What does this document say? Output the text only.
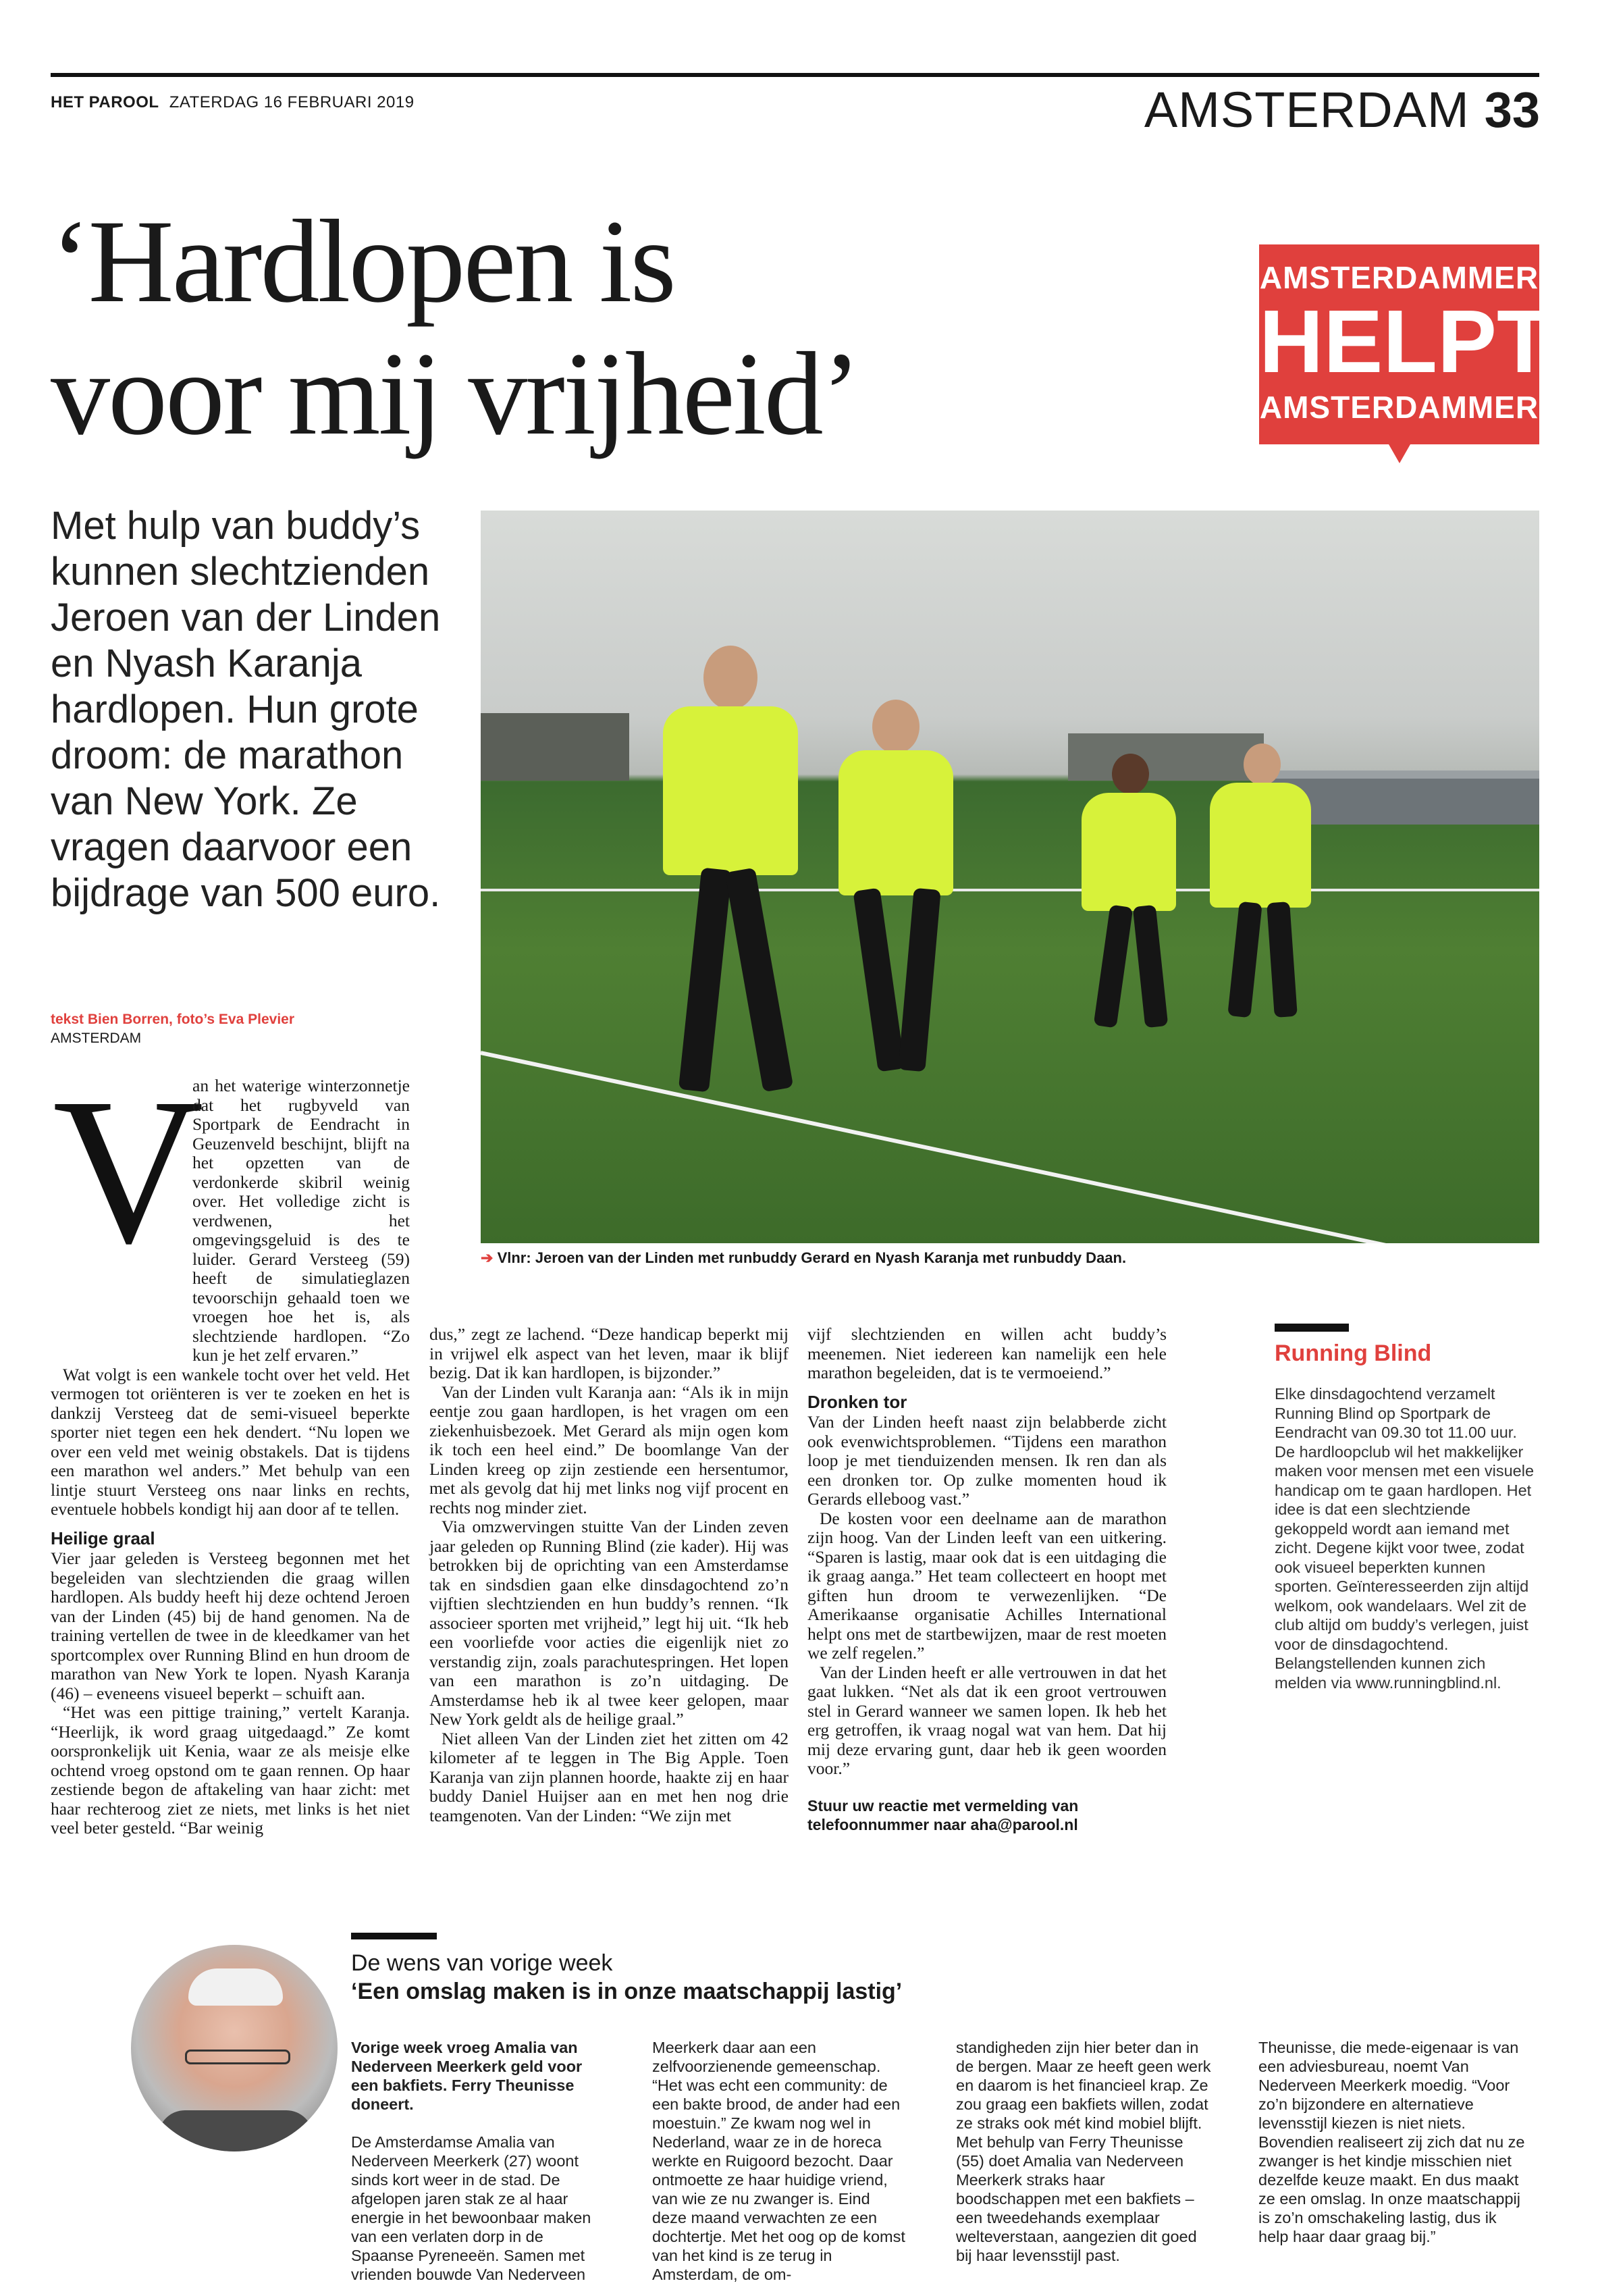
HET PAROOL ZATERDAG 16 FEBRUARI 2019	AMSTERDAM 33
‘Hardlopen is
voor mij vrijheid’
AMSTERDAMMER
HELPT
AMSTERDAMMER
Met hulp van buddy’s kunnen slechtzienden Jeroen van der Linden en Nyash Karanja hardlopen. Hun grote droom: de marathon van New York. Ze vragen daarvoor een bijdrage van 500 euro.
➔ Vlnr: Jeroen van der Linden met runbuddy Gerard en Nyash Karanja met runbuddy Daan.
tekst Bien Borren, foto’s Eva Plevier
AMSTERDAM
V

an het waterige winterzonnetje dat het rugbyveld van Sportpark de Eendracht in Geuzenveld beschijnt, blijft na het opzetten van de verdonkerde skibril weinig over. Het volledige zicht is verdwenen, het omgevingsgeluid is des te luider. Gerard Versteeg (59) heeft de simulatieglazen tevoorschijn gehaald toen we vroegen hoe het is, als slechtziende hardlopen. “Zo kun je het zelf ervaren.”

Wat volgt is een wankele tocht over het veld. Het vermogen tot oriënteren is ver te zoeken en het is dankzij Versteeg dat de semi-visueel beperkte sporter niet tegen een hek dendert. “Nu lopen we over een veld met weinig obstakels. Dat is tijdens een marathon wel anders.” Met behulp van een lintje stuurt Versteeg ons naar links en rechts, eventuele hobbels kondigt hij aan door af te tellen.

Heilige graal

Vier jaar geleden is Versteeg begonnen met het begeleiden van slechtzienden die graag willen hardlopen. Als buddy heeft hij deze ochtend Jeroen van der Linden (45) bij de hand genomen. Na de training vertellen de twee in de kleedkamer van het sportcomplex over Running Blind en hun droom de marathon van New York te lopen. Nyash Karanja (46) – eveneens visueel beperkt – schuift aan.

“Het was een pittige training,” vertelt Karanja. “Heerlijk, ik word graag uitgedaagd.” Ze komt oorspronkelijk uit Kenia, waar ze als meisje elke ochtend vroeg opstond om te gaan rennen. Op haar zestiende begon de aftakeling van haar zicht: met haar rechteroog ziet ze niets, met links is het niet veel beter gesteld. “Bar weinig

dus,” zegt ze lachend. “Deze handicap beperkt mij in vrijwel elk aspect van het leven, maar ik blijf bezig. Dat ik kan hardlopen, is bijzonder.”

Van der Linden vult Karanja aan: “Als ik in mijn eentje zou gaan hardlopen, is het vragen om een ziekenhuisbezoek. Met Gerard als mijn ogen kom ik toch een heel eind.” De boomlange Van der Linden kreeg op zijn zestiende een hersentumor, met als gevolg dat hij met links nog vijf procent en rechts nog minder ziet.

Via omzwervingen stuitte Van der Linden zeven jaar geleden op Running Blind (zie kader). Hij was betrokken bij de oprichting van een Amsterdamse tak en sindsdien gaan elke dinsdagochtend zo’n vijftien slechtzienden en hun buddy’s rennen. “Ik associeer sporten met vrijheid,” legt hij uit. “Ik heb een voorliefde voor acties die eigenlijk niet zo verstandig zijn, zoals parachutespringen. Het lopen van een marathon is zo’n uitdaging. De Amsterdamse heb ik al twee keer gelopen, maar New York geldt als de heilige graal.”

Niet alleen Van der Linden ziet het zitten om 42 kilometer af te leggen in The Big Apple. Toen Karanja van zijn plannen hoorde, haakte zij en haar buddy Daniel Huijser aan en met hen nog drie teamgenoten. Van der Linden: “We zijn met

vijf slechtzienden en willen acht buddy’s meenemen. Niet iedereen kan namelijk een hele marathon begeleiden, dat is te vermoeiend.”

Dronken tor

Van der Linden heeft naast zijn belabberde zicht ook evenwichtsproblemen. “Tijdens een marathon loop je met tienduizenden mensen. Ik ren dan als een dronken tor. Op zulke momenten houd ik Gerards elleboog vast.”

De kosten voor een deelname aan de marathon zijn hoog. Van der Linden leeft van een uitkering. “Sparen is lastig, maar ook dat is een uitdaging die ik graag aanga.” Het team collecteert en hoopt met giften hun droom te verwezenlijken. “De Amerikaanse organisatie Achilles International helpt ons met de startbewijzen, maar de rest moeten we zelf regelen.”

Van der Linden heeft er alle vertrouwen in dat het gaat lukken. “Net als dat ik een groot vertrouwen stel in Gerard wanneer we samen lopen. Ik heb het erg getroffen, ik vraag nogal wat van hem. Dat hij mij deze ervaring gunt, daar heb ik geen woorden voor.”

Stuur uw reactie met vermelding van telefoonnummer naar aha@parool.nl

Running Blind
Elke dinsdagochtend verzamelt Running Blind op Sportpark de Eendracht van 09.30 tot 11.00 uur. De hardloopclub wil het makkelijker maken voor mensen met een visuele handicap om te gaan hardlopen. Het idee is dat een slechtziende gekoppeld wordt aan iemand met zicht. Degene kijkt voor twee, zodat ook visueel beperkten kunnen sporten. Geïnteresseerden zijn altijd welkom, ook wandelaars. Wel zit de club altijd om buddy’s verlegen, juist voor de dinsdagochtend. Belangstellenden kunnen zich melden via www.runningblind.nl.
De wens van vorige week
‘Een omslag maken is in onze maatschappij lastig’

Vorige week vroeg Amalia van Nederveen Meerkerk geld voor een bakfiets. Ferry Theunisse doneert.

De Amsterdamse Amalia van Nederveen Meerkerk (27) woont sinds kort weer in de stad. De afgelopen jaren stak ze al haar energie in het bewoonbaar maken van een verlaten dorp in de Spaanse Pyreneeën. Samen met vrienden bouwde Van Nederveen

Meerkerk daar aan een zelfvoorzienende gemeenschap. “Het was echt een community: de een bakte brood, de ander had een moestuin.” Ze kwam nog wel in Nederland, waar ze in de horeca werkte en Ruigoord bezocht. Daar ontmoette ze haar huidige vriend, van wie ze nu zwanger is. Eind deze maand verwachten ze een dochtertje. Met het oog op de komst van het kind is ze terug in Amsterdam, de om-

standigheden zijn hier beter dan in de bergen. Maar ze heeft geen werk en daarom is het financieel krap. Ze zou graag een bakfiets willen, zodat ze straks ook mét kind mobiel blijft. Met behulp van Ferry Theunisse (55) doet Amalia van Nederveen Meerkerk straks haar boodschappen met een bakfiets – een tweedehands exemplaar welteverstaan, aangezien dit goed bij haar levensstijl past.

Theunisse, die mede-eigenaar is van een adviesbureau, noemt Van Nederveen Meerkerk moedig. “Voor zo’n bijzondere en alternatieve levensstijl kiezen is niet niets. Bovendien realiseert zij zich dat nu ze zwanger is het kindje misschien niet dezelfde keuze maakt. En dus maakt ze een omslag. In onze maatschappij is zo’n omschakeling lastig, dus ik help haar daar graag bij.”
